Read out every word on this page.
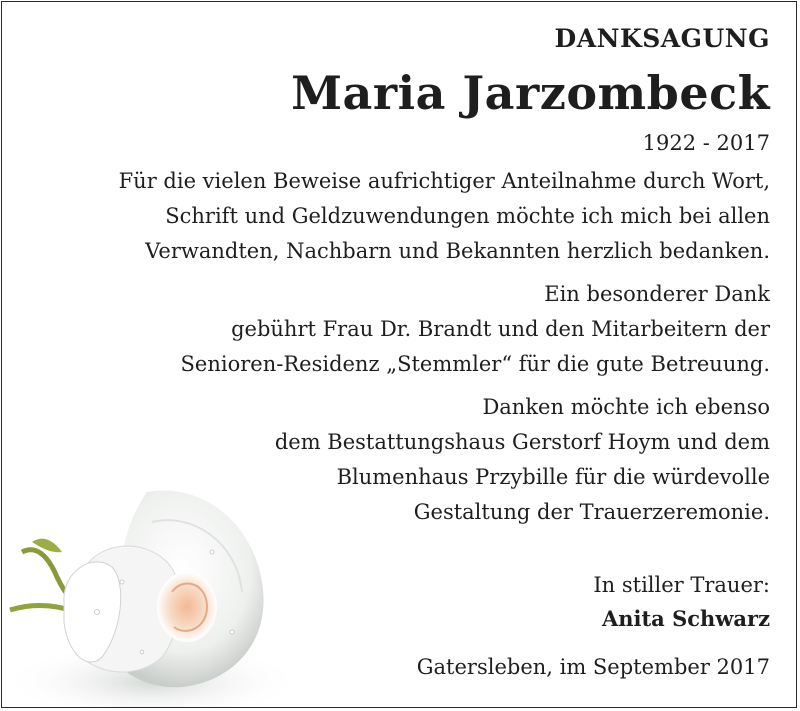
DANKSAGUNG
Maria Jarzombeck
1922 - 2017
Für die vielen Beweise aufrichtiger Anteilnahme durch Wort,
Schrift und Geldzuwendungen möchte ich mich bei allen
Verwandten, Nachbarn und Bekannten herzlich bedanken.
Ein besonderer Dank
gebührt Frau Dr. Brandt und den Mitarbeitern der
Senioren-Residenz „Stemmler“ für die gute Betreuung.
Danken möchte ich ebenso
dem Bestattungshaus Gerstorf Hoym und dem
Blumenhaus Przybille für die würdevolle
Gestaltung der Trauerzeremonie.
In stiller Trauer:
Anita Schwarz
Gatersleben, im September 2017
